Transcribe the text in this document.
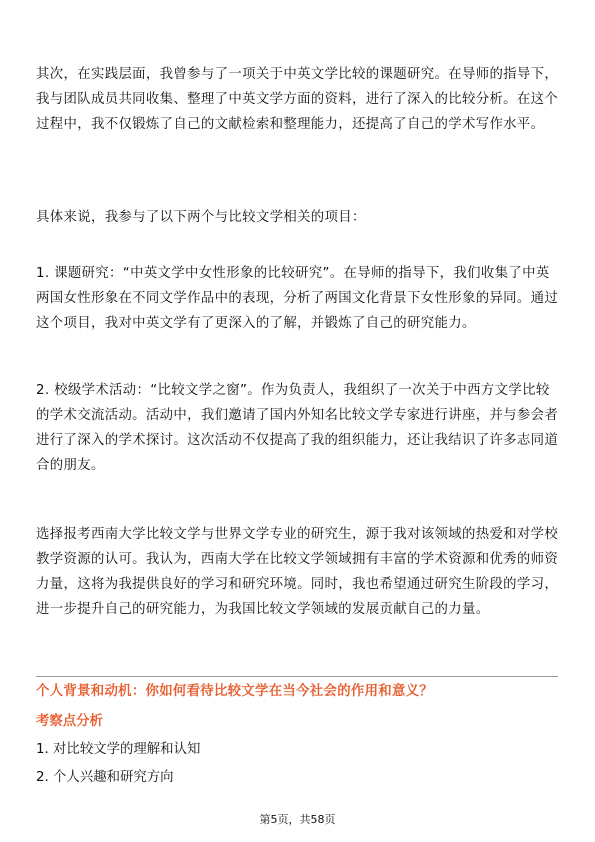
其次，在实践层面，我曾参与了一项关于中英文学比较的课题研究。在导师的指导下，我与团队成员共同收集、整理了中英文学方面的资料，进行了深入的比较分析。在这个过程中，我不仅锻炼了自己的文献检索和整理能力，还提高了自己的学术写作水平。

具体来说，我参与了以下两个与比较文学相关的项目：

1. 课题研究：“中英文学中女性形象的比较研究”。在导师的指导下，我们收集了中英两国女性形象在不同文学作品中的表现，分析了两国文化背景下女性形象的异同。通过这个项目，我对中英文学有了更深入的了解，并锻炼了自己的研究能力。

2. 校级学术活动：“比较文学之窗”。作为负责人，我组织了一次关于中西方文学比较的学术交流活动。活动中，我们邀请了国内外知名比较文学专家进行讲座，并与参会者进行了深入的学术探讨。这次活动不仅提高了我的组织能力，还让我结识了许多志同道合的朋友。

选择报考西南大学比较文学与世界文学专业的研究生，源于我对该领域的热爱和对学校教学资源的认可。我认为，西南大学在比较文学领域拥有丰富的学术资源和优秀的师资力量，这将为我提供良好的学习和研究环境。同时，我也希望通过研究生阶段的学习，进一步提升自己的研究能力，为我国比较文学领域的发展贡献自己的力量。

个人背景和动机：你如何看待比较文学在当今社会的作用和意义？

考察点分析

1. 对比较文学的理解和认知
2. 个人兴趣和研究方向
第5页，共58页
